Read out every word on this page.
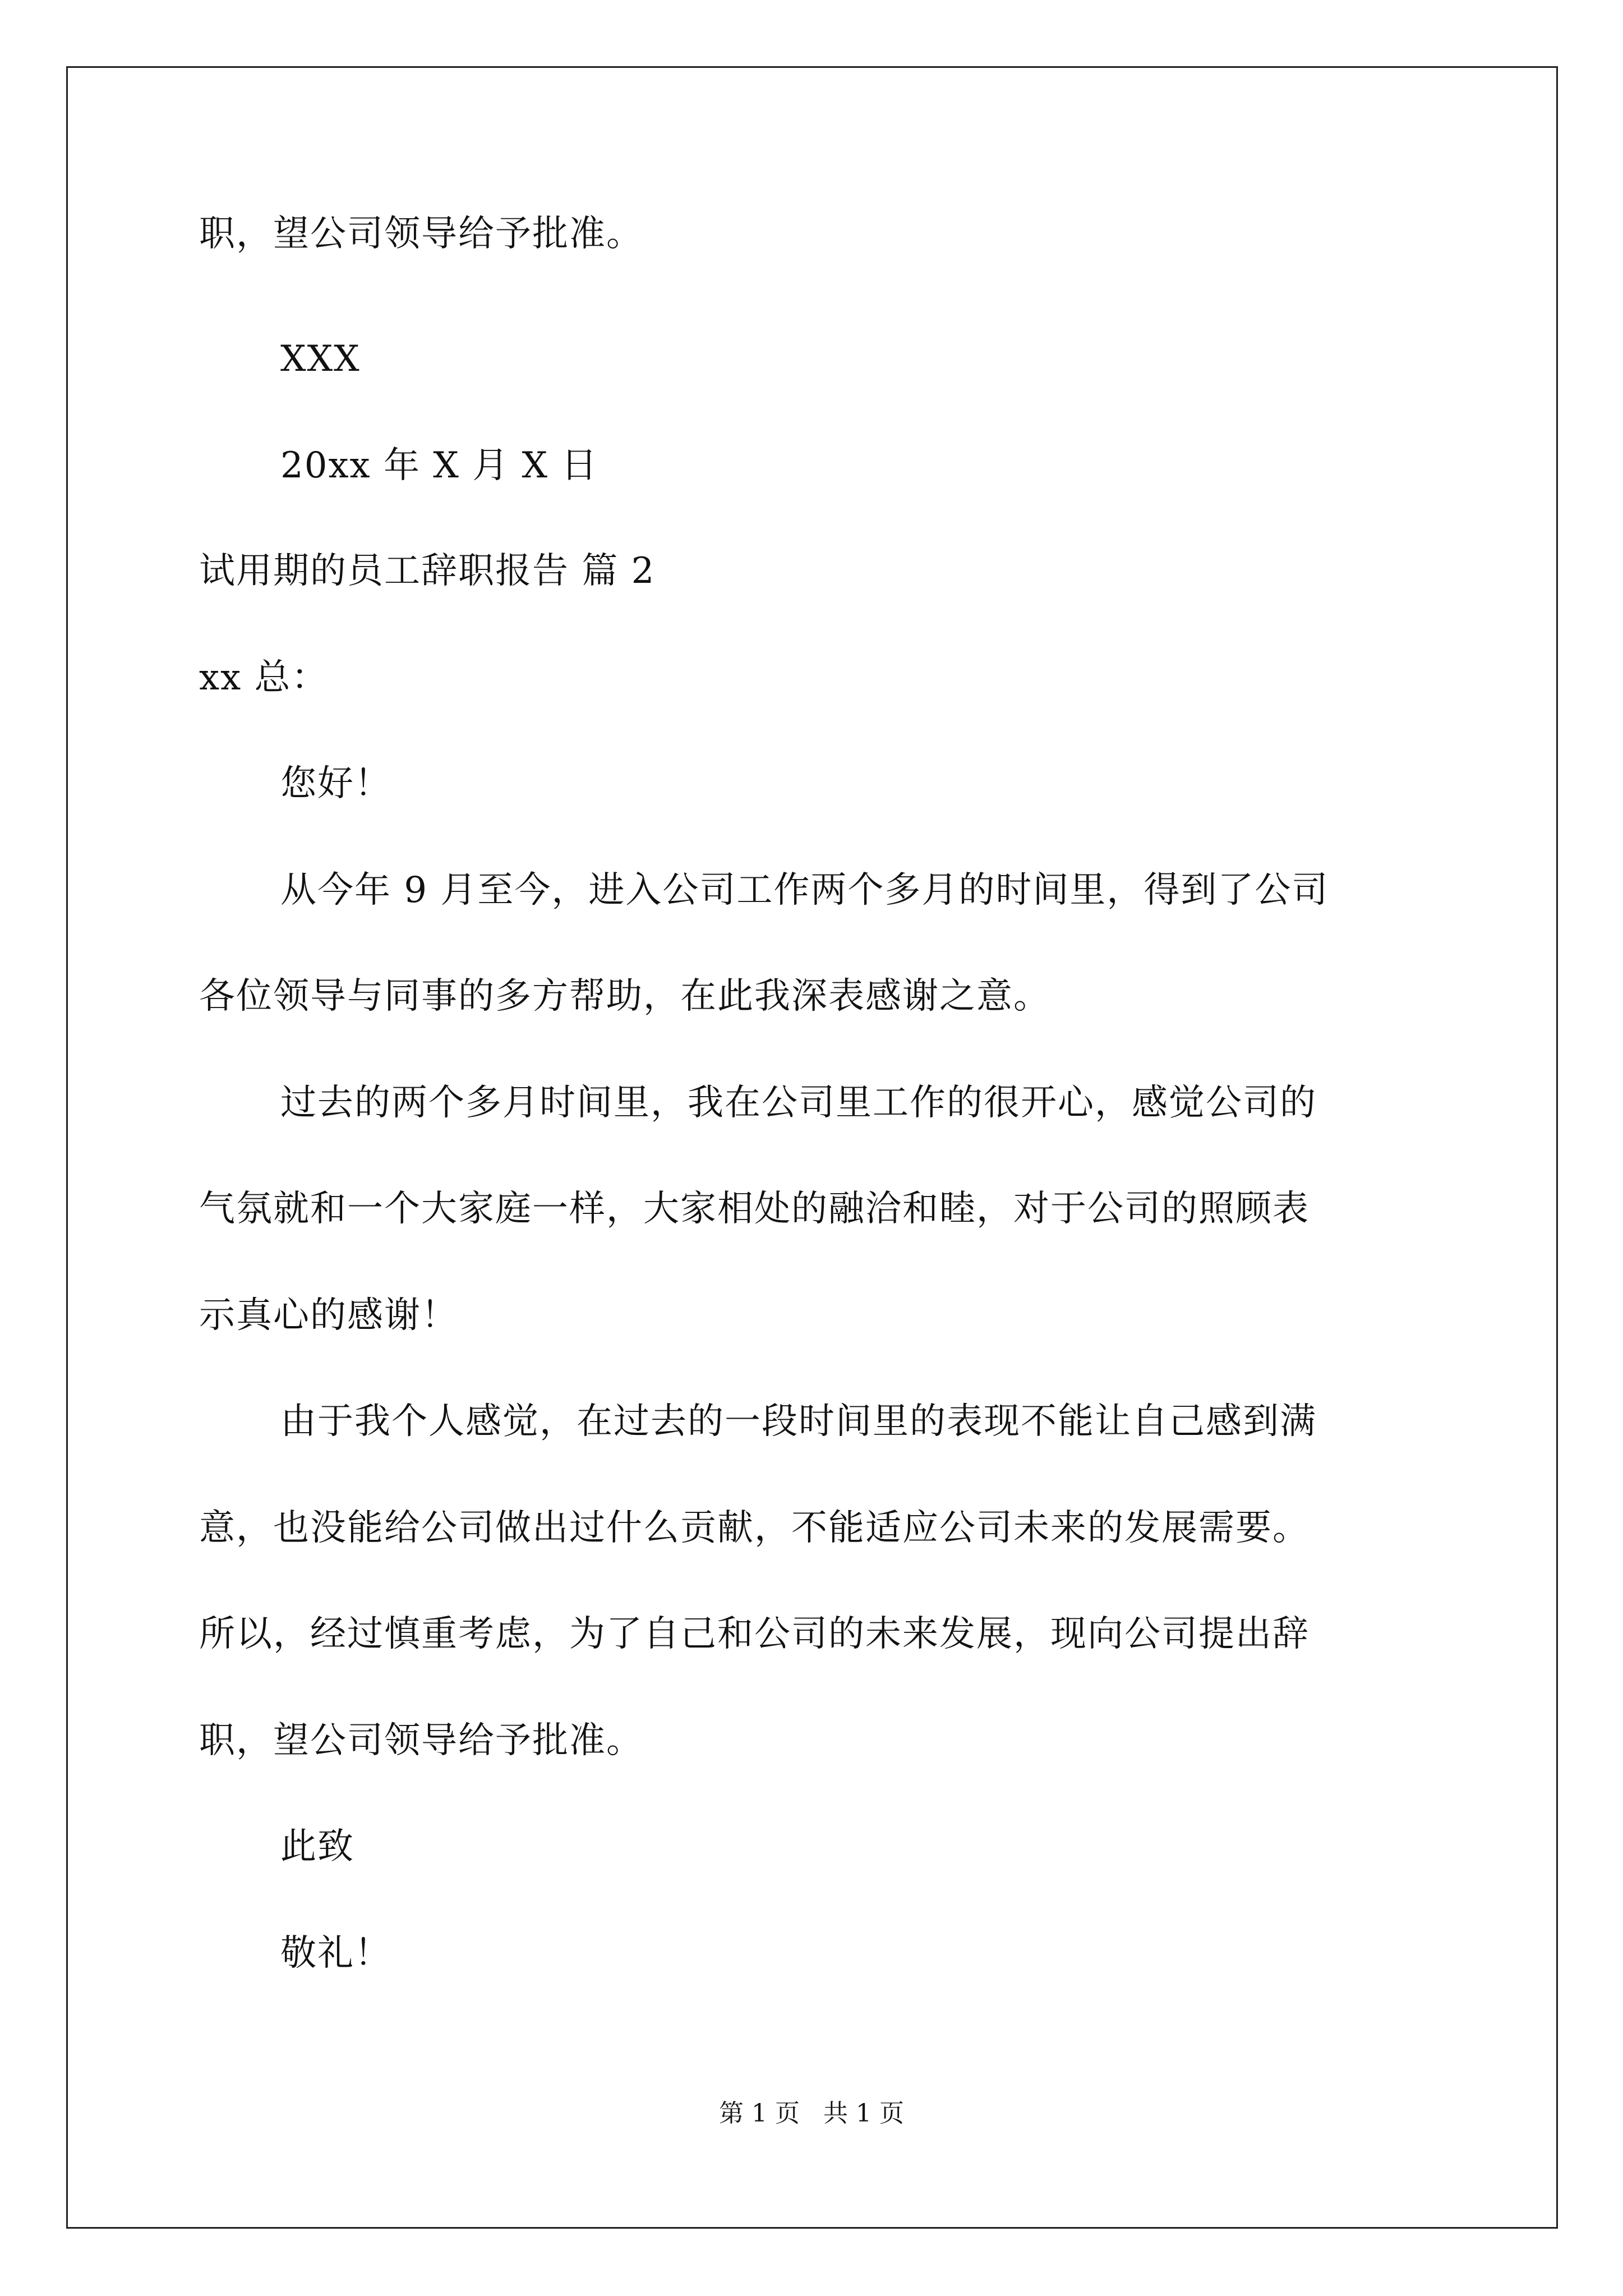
职，望公司领导给予批准。
XXX
20xx 年 X 月 X 日
试用期的员工辞职报告 篇 2
xx 总：
您好！
从今年 9 月至今，进入公司工作两个多月的时间里，得到了公司
各位领导与同事的多方帮助，在此我深表感谢之意。
过去的两个多月时间里，我在公司里工作的很开心，感觉公司的
气氛就和一个大家庭一样，大家相处的融洽和睦，对于公司的照顾表
示真心的感谢！
由于我个人感觉，在过去的一段时间里的表现不能让自己感到满
意，也没能给公司做出过什么贡献，不能适应公司未来的发展需要。
所以，经过慎重考虑，为了自己和公司的未来发展，现向公司提出辞
职，望公司领导给予批准。
此致
敬礼！
第 1 页   共 1 页
